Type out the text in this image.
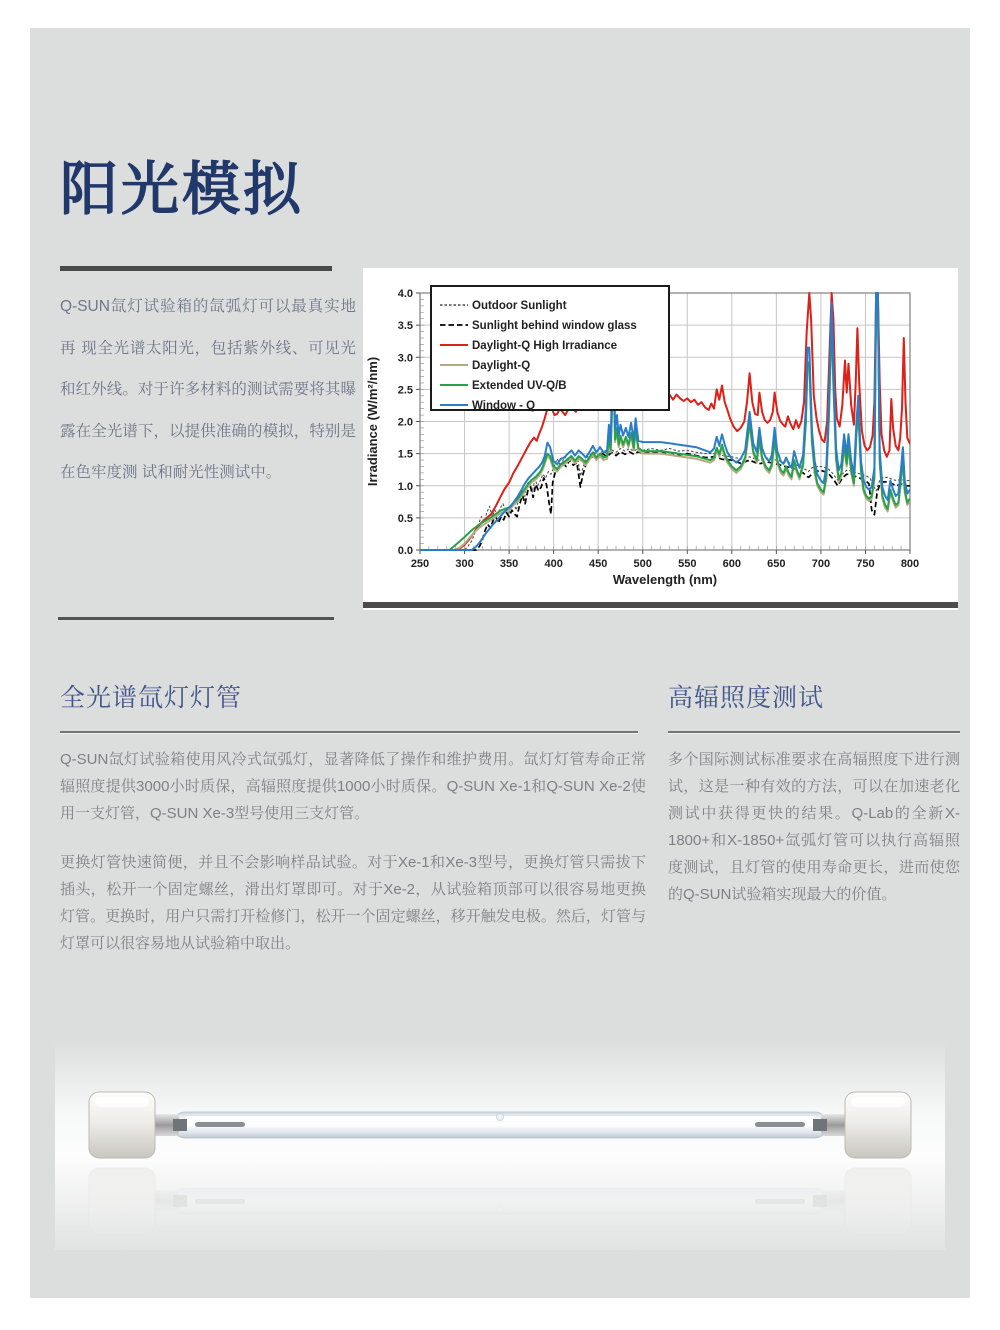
阳光模拟
Q-SUN氙灯试验箱的氙弧灯可以最真实地再 现全光谱太阳光，包括紫外线、可见光和红外线。对于许多材料的测试需要将其曝露在全光谱下，以提供准确的模拟，特别是在色牢度测 试和耐光性测试中。
0.0
0.5
1.0
1.5
2.0
2.5
3.0
3.5
4.0
250 300 350 400 450 500 550 600 650 700 750 800
Wavelength (nm)
Irradiance (W/m²/nm)
Outdoor Sunlight
Sunlight behind window glass
Daylight-Q High Irradiance
Daylight-Q
Extended UV-Q/B
Window - Q
全光谱氙灯灯管	高辐照度测试

Q-SUN氙灯试验箱使用风冷式氙弧灯，显著降低了操作和维护费用。氙灯灯管寿命正常辐照度提供3000小时质保，高辐照度提供1000小时质保。Q-SUN Xe-1和Q-SUN Xe-2使用一支灯管，Q-SUN Xe-3型号使用三支灯管。

更换灯管快速简便，并且不会影响样品试验。对于Xe-1和Xe-3型号，更换灯管只需拔下插头，松开一个固定螺丝，滑出灯罩即可。对于Xe-2，从试验箱顶部可以很容易地更换灯管。更换时，用户只需打开检修门，松开一个固定螺丝，移开触发电极。然后，灯管与灯罩可以很容易地从试验箱中取出。

多个国际测试标准要求在高辐照度下进行测试，这是一种有效的方法，可以在加速老化测试中获得更快的结果。Q-Lab的全新X-1800+和X-1850+氙弧灯管可以执行高辐照度测试，且灯管的使用寿命更长，进而使您的Q-SUN试验箱实现最大的价值。
